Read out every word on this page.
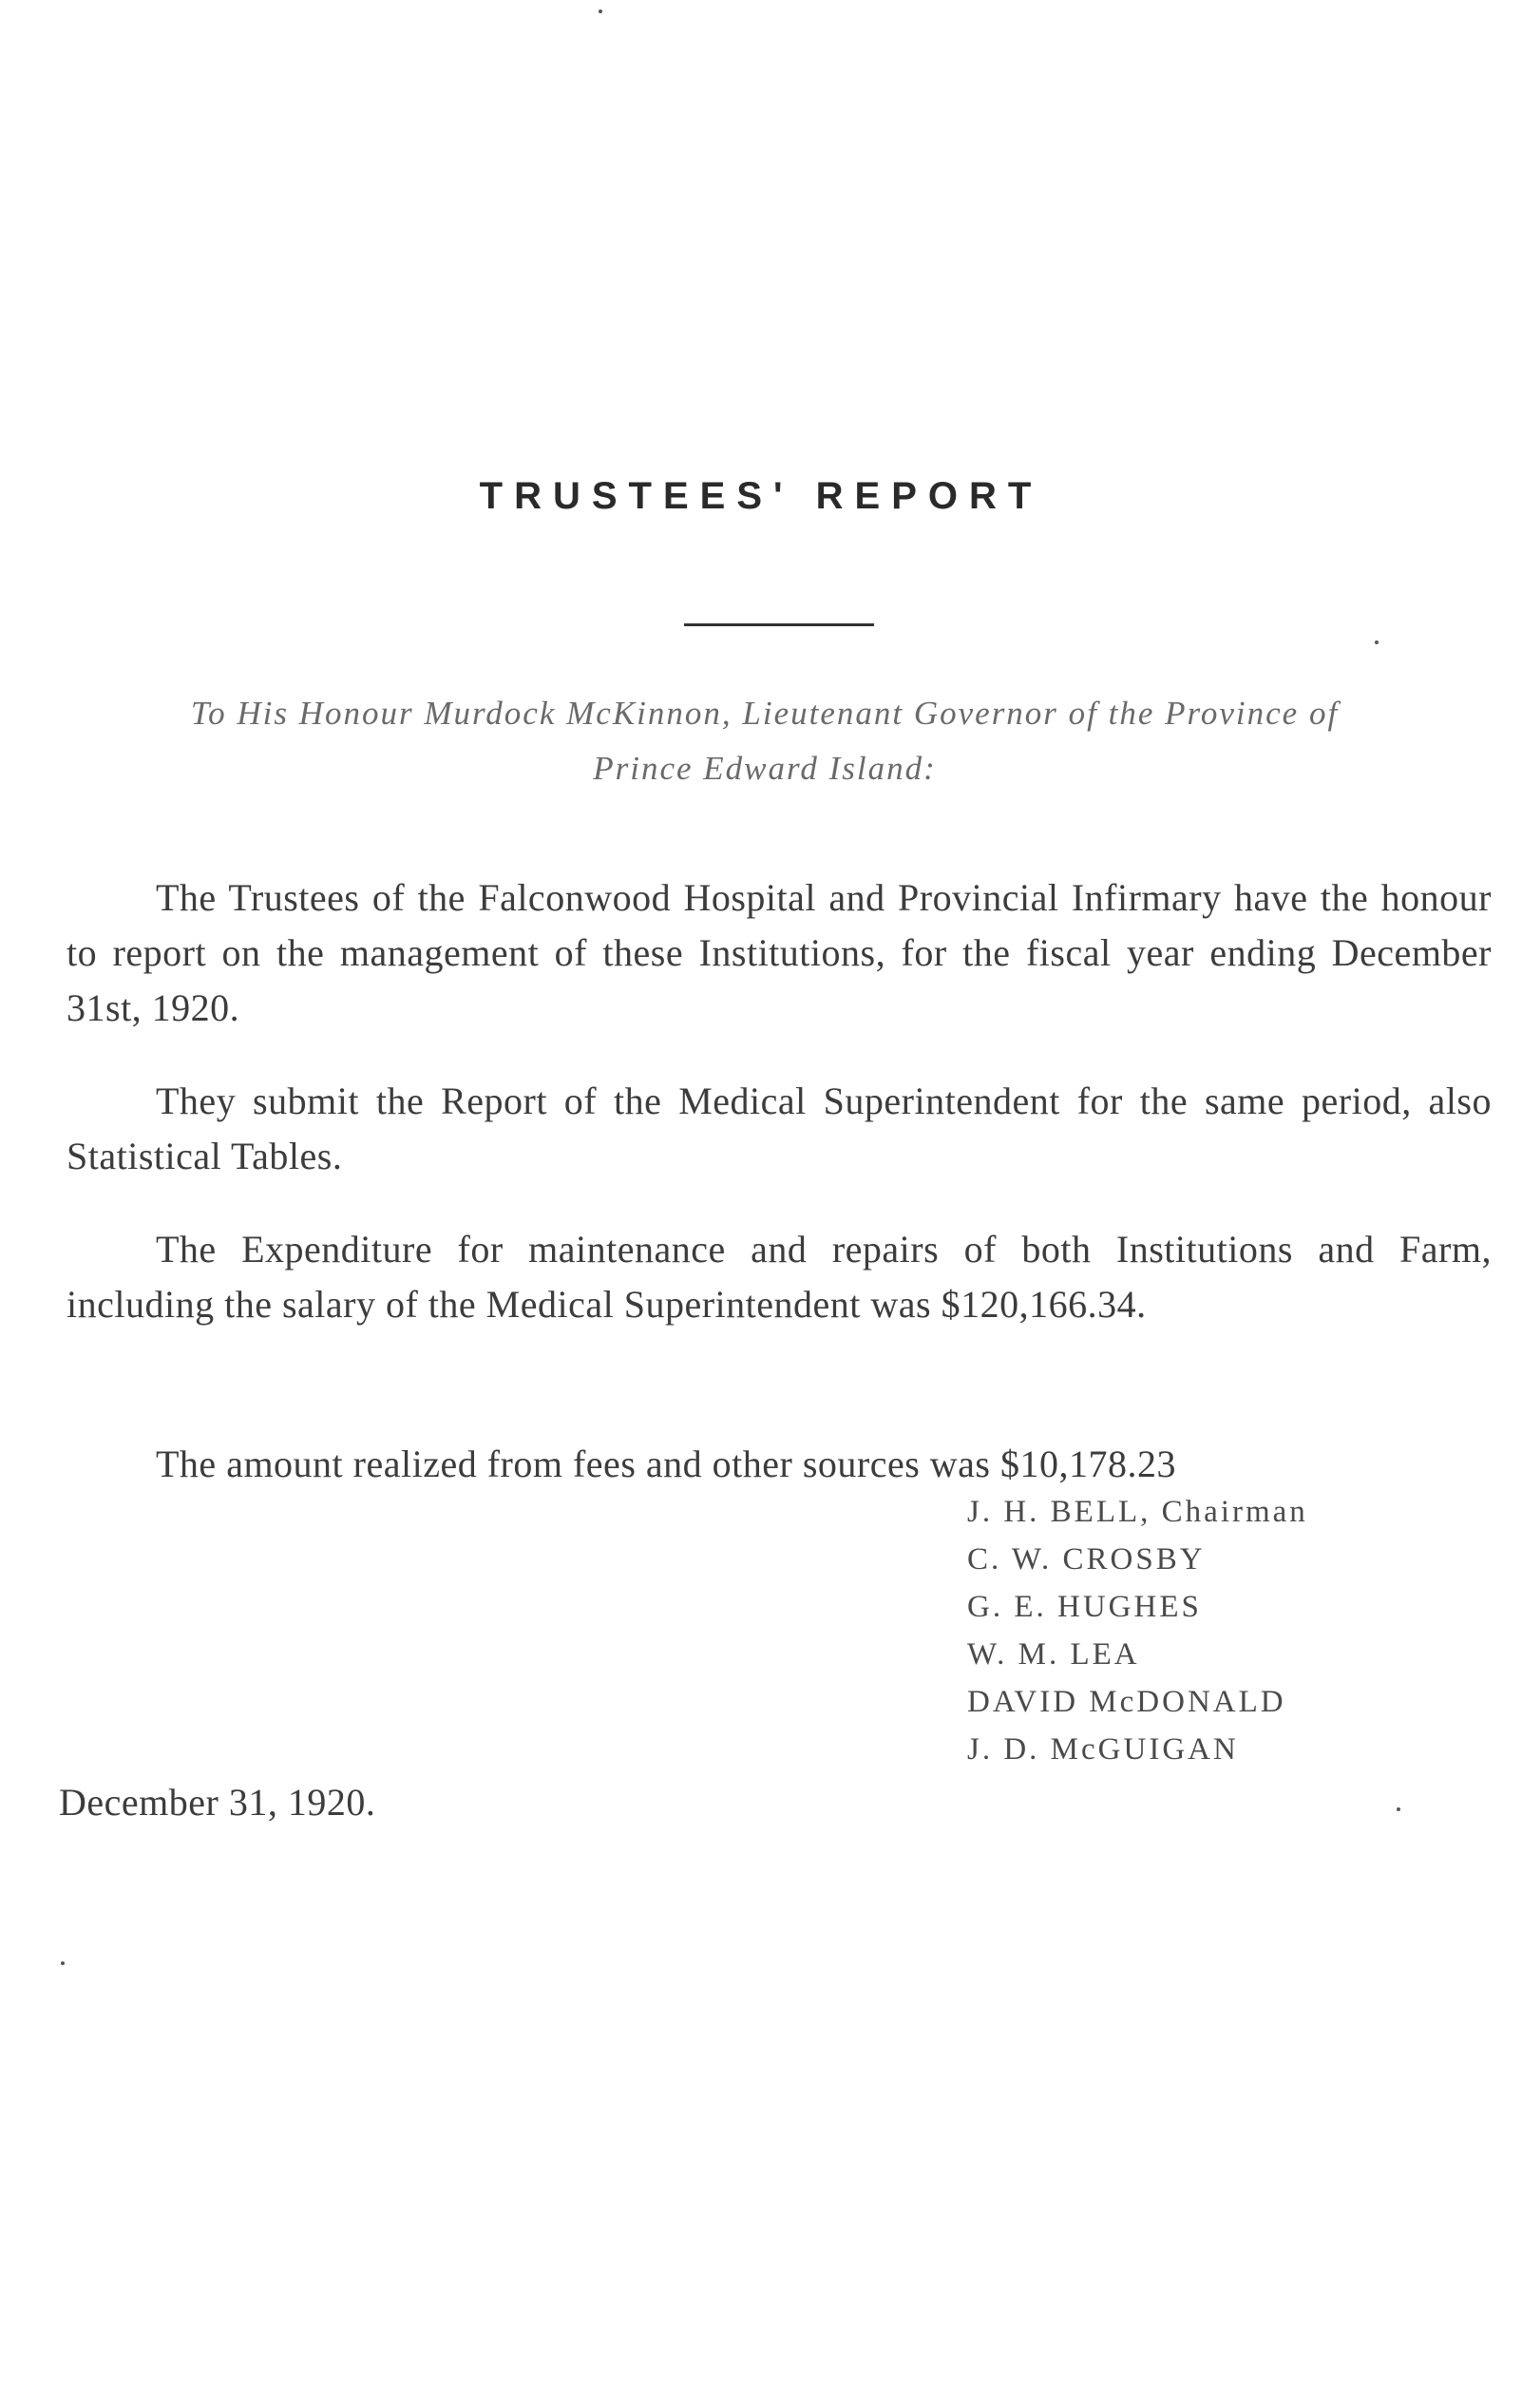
TRUSTEES' REPORT
To His Honour Murdock McKinnon, Lieutenant Governor of the Province of
Prince Edward Island:

The Trustees of the Falconwood Hospital and Provincial Infirmary have the honour to report on the management of these Institutions, for the fiscal year ending December 31st, 1920.

They submit the Report of the Medical Superintendent for the same period, also Statistical Tables.

The Expenditure for maintenance and repairs of both Institutions and Farm, including the salary of the Medical Superintendent was $120,166.34.

The amount realized from fees and other sources was $10,178.23

J. H. BELL, Chairman
C. W. CROSBY
G. E. HUGHES
W. M. LEA
DAVID McDONALD
J. D. McGUIGAN
December 31, 1920.
